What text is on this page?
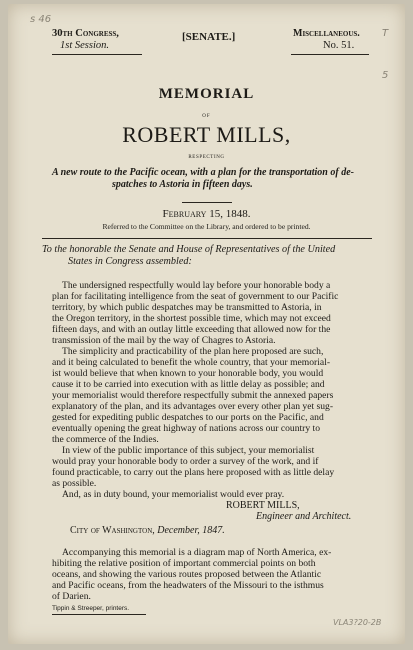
s 46
T
5
VLA3?20-2B
30th Congress,
1st Session.
[SENATE.]	Miscellaneous.
No. 51.
MEMORIAL
OF
ROBERT MILLS,
RESPECTING
A new route to the Pacific ocean, with a plan for the transportation of de-
spatches to Astoria in fifteen days.
February 15, 1848.
Referred to the Committee on the Library, and ordered to be printed.
To the honorable the Senate and House of Representatives of the United
States in Congress assembled:
The undersigned respectfully would lay before your honorable body a
plan for facilitating intelligence from the seat of government to our Pacific
territory, by which public despatches may be transmitted to Astoria, in
the Oregon territory, in the shortest possible time, which may not exceed
fifteen days, and with an outlay little exceeding that allowed now for the
transmission of the mail by the way of Chagres to Astoria.
The simplicity and practicability of the plan here proposed are such,
and it being calculated to benefit the whole country, that your memorial-
ist would believe that when known to your honorable body, you would
cause it to be carried into execution with as little delay as possible; and
your memorialist would therefore respectfully submit the annexed papers
explanatory of the plan, and its advantages over every other plan yet sug-
gested for expediting public despatches to our ports on the Pacific, and
eventually opening the great highway of nations across our country to
the commerce of the Indies.
In view of the public importance of this subject, your memorialist
would pray your honorable body to order a survey of the work, and if
found practicable, to carry out the plans here proposed with as little delay
as possible.
And, as in duty bound, your memorialist would ever pray.
ROBERT MILLS,
Engineer and Architect.
City of Washington, December, 1847.
Accompanying this memorial is a diagram map of North America, ex-
hibiting the relative position of important commercial points on both
oceans, and showing the various routes proposed between the Atlantic
and Pacific oceans, from the headwaters of the Missouri to the isthmus
of Darien.
Tippin & Streeper, printers.
